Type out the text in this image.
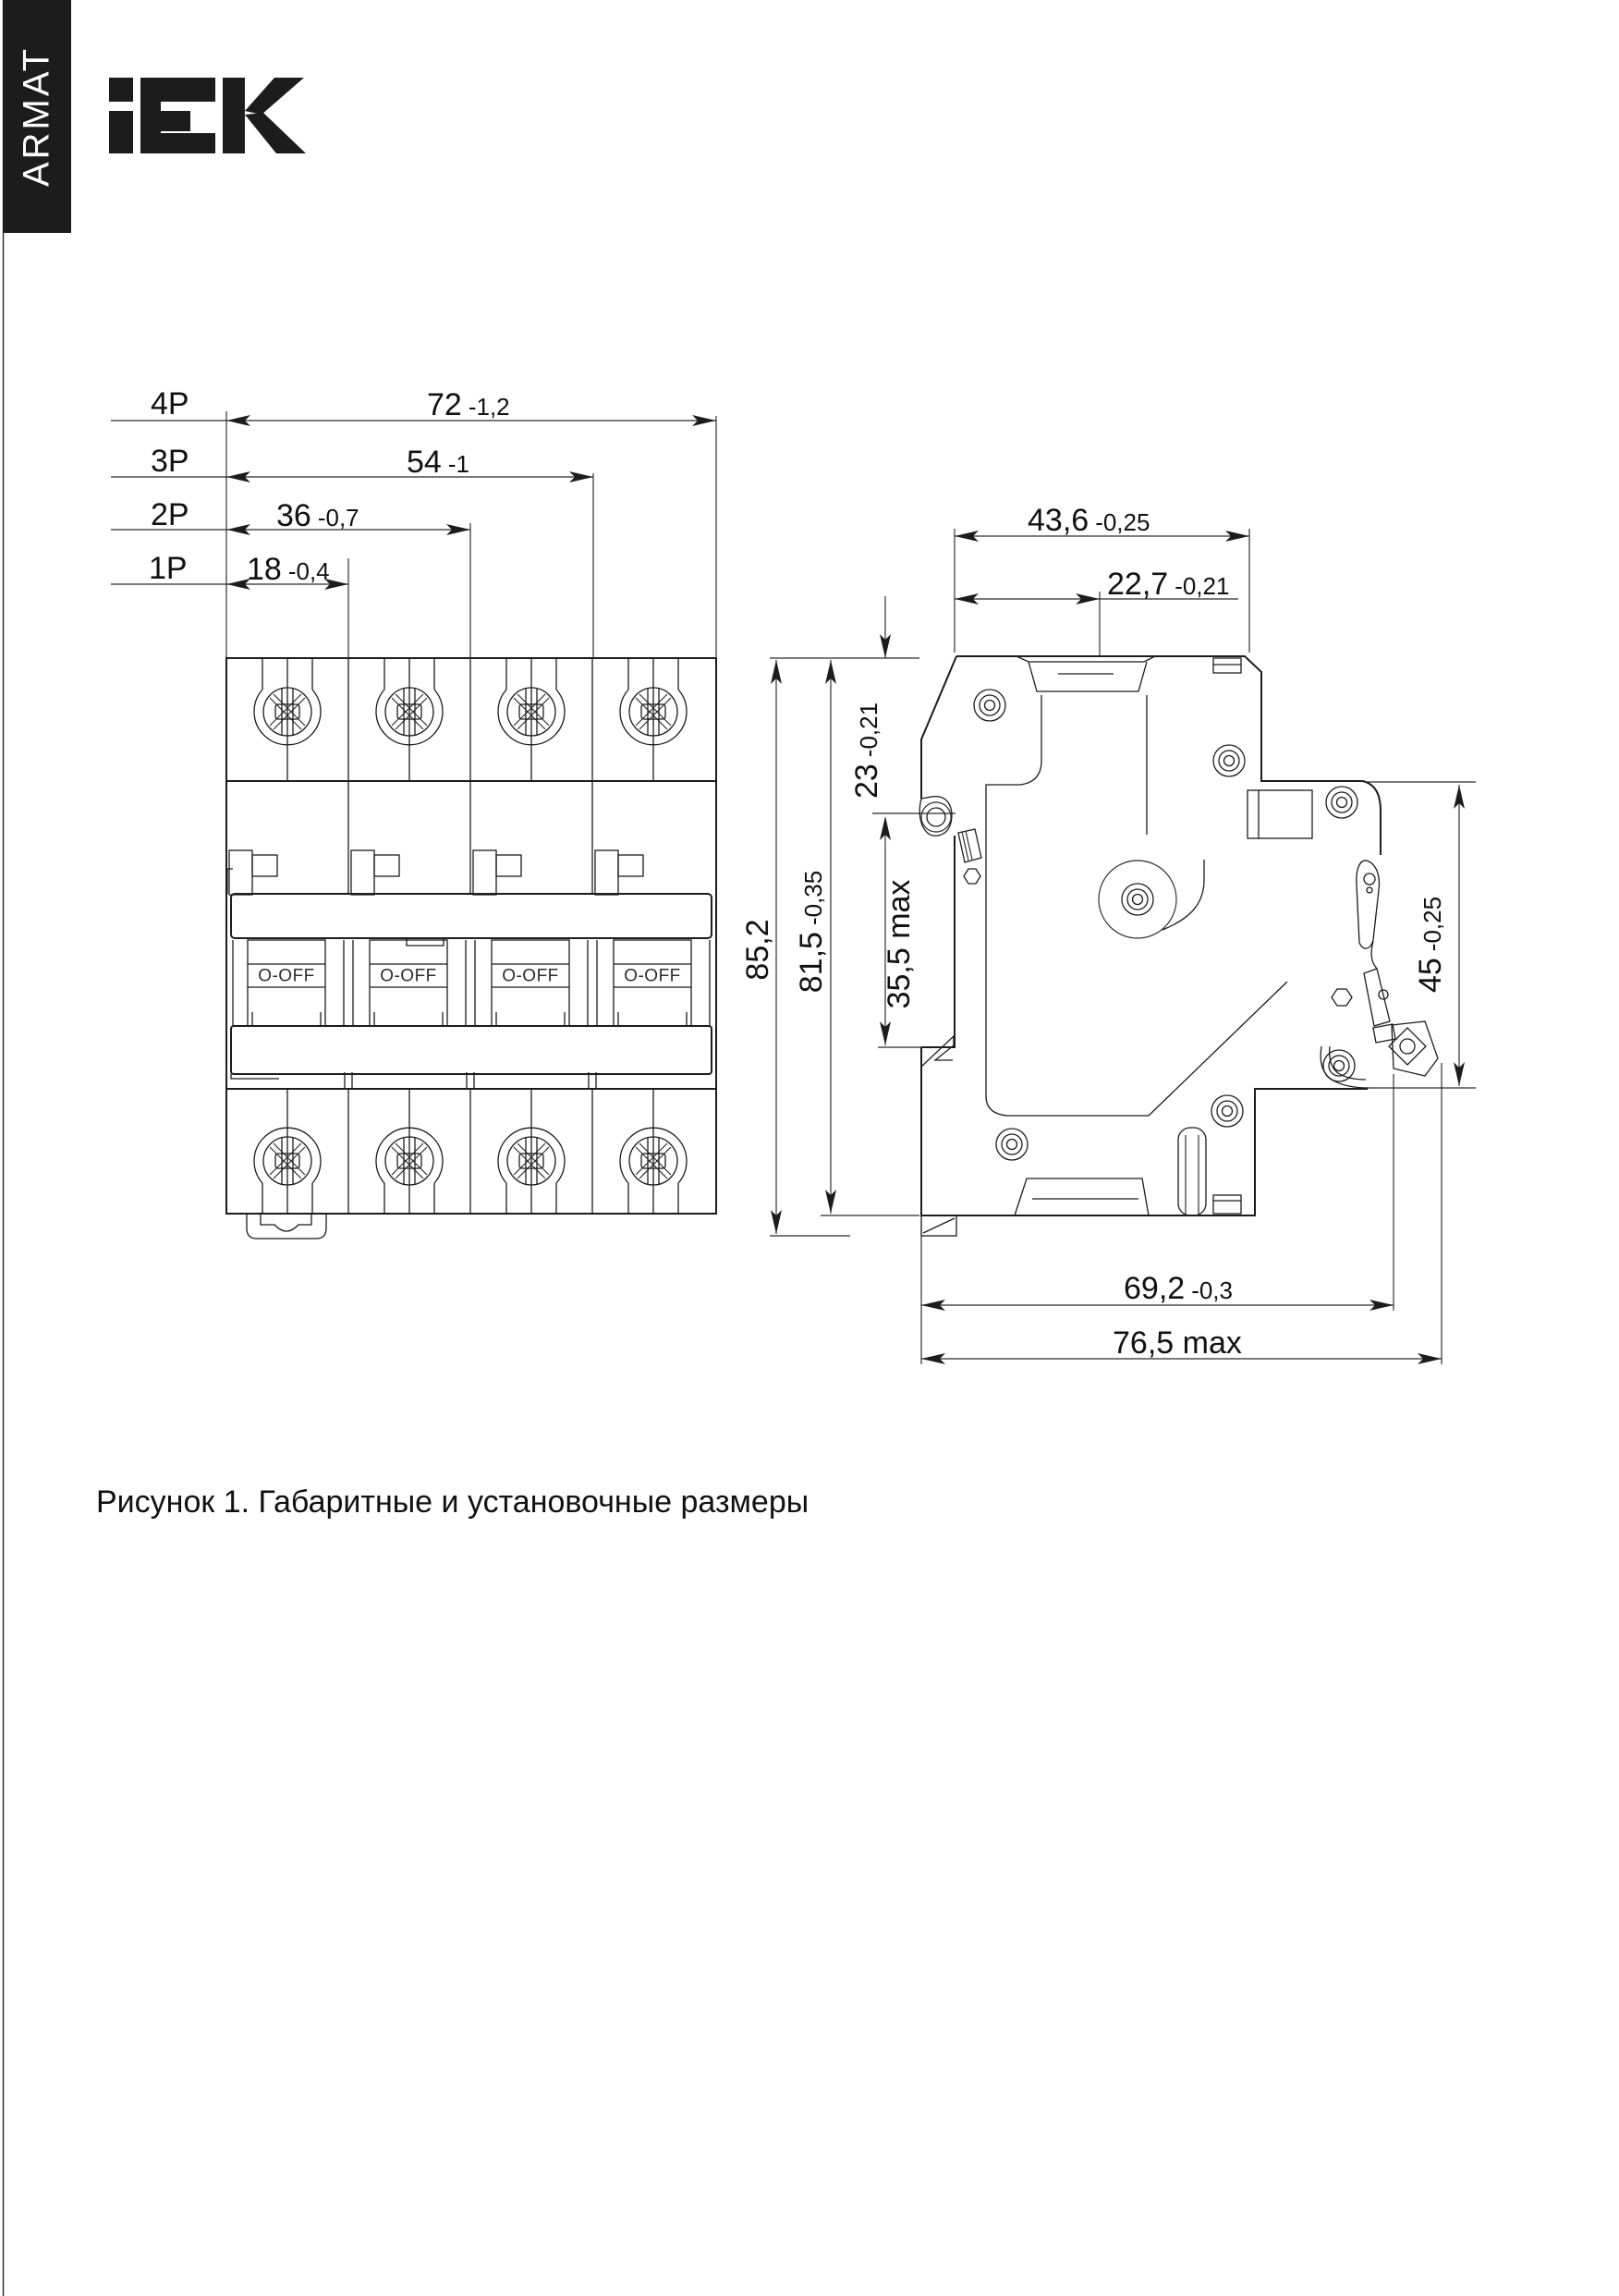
ARMAT
4P
3P
2P
1P
72 -1,2
54 -1
36 -0,7
18 -0,4
85,2 81,5-0,35
23-0,21
35,5 max
43,6 -0,25
22,7 -0,21
45-0,25
69,2 -0,3
76,5 max
O-OFF	O-OFF	O-OFF	O-OFF
Рисунок 1. Габаритные и установочные размеры
